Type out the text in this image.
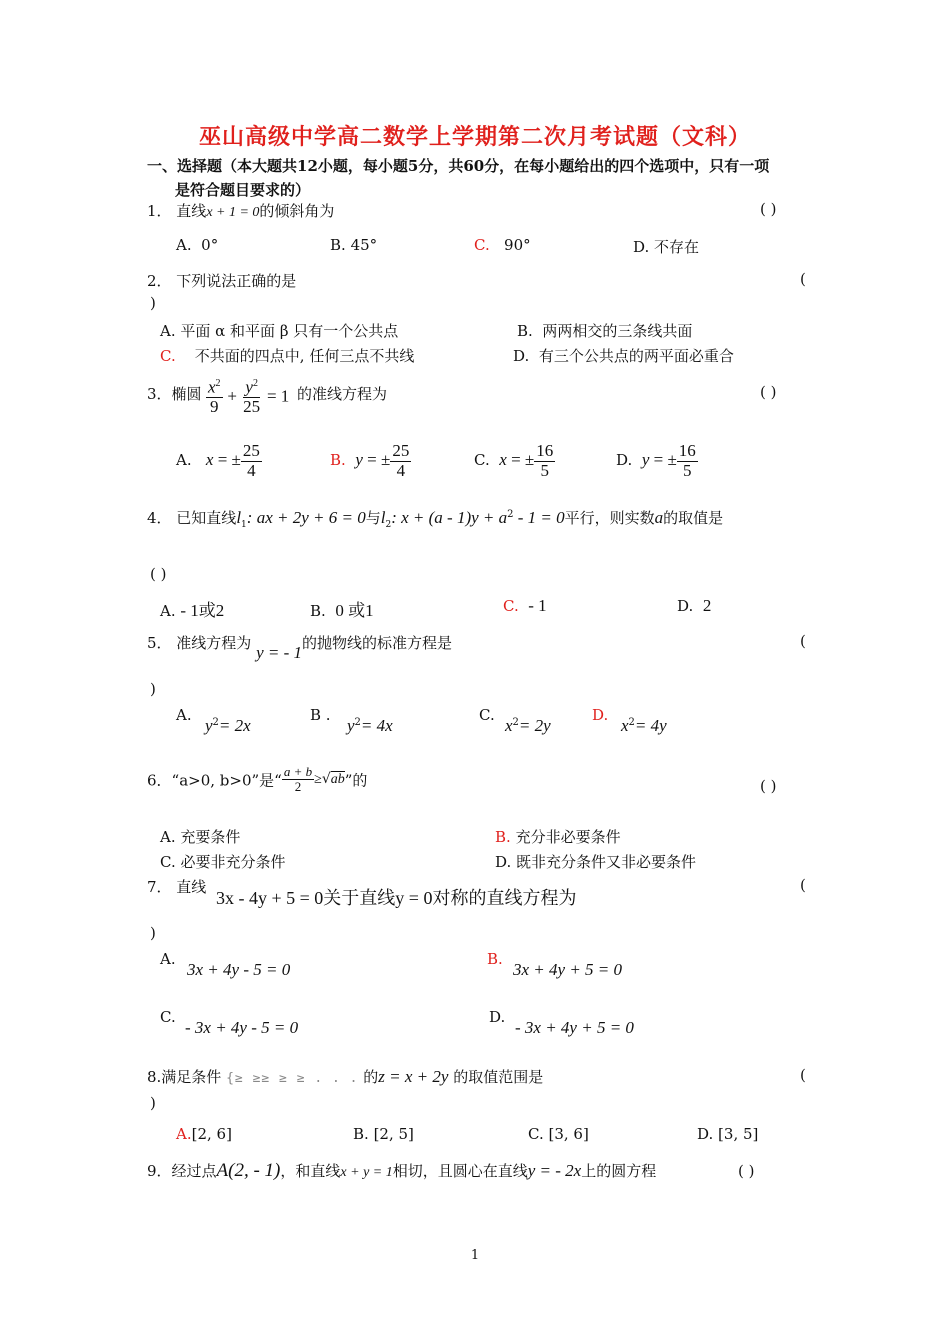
巫山高级中学高二数学上学期第二次月考试题（文科）
一、选择题（本大题共12小题，每小题5分，共60分，在每小题给出的四个选项中，只有一项
是符合题目要求的）
1． 直线x + 1 = 0的倾斜角为	( )
A. 0°	B. 45°	C. 90°	D. 不存在
2． 下列说法正确的是	(
)
A. 平面 α 和平面 β 只有一个公共点	B. 两两相交的三条线共面
C. 不共面的四点中, 任何三点不共线	D. 有三个公共点的两平面必重合
3．椭圆 $\frac{x^2}{9} + \frac{y^2}{25} = 1$ 的准线方程为	( )
A. x = ± $\frac{25}{4}$	B. y = ± $\frac{25}{4}$	C. x = ± $\frac{16}{5}$	D. y = ± $\frac{16}{5}$
4． 已知直线$l_1$: ax + 2y + 6 = 0与$l_2$: $x + (a - 1)y + a^2 - 1 = 0$平行，则实数a的取值是
( )
A. - 1或2	B. 0 或1	C. - 1	D. 2
5． 准线方程为 y = - 1的抛物线的标准方程是	(
)
A.
$y^2= 2x$
B .
$y^2= 4x$
C.
$x^2= 2y$
D.
$x^2= 4y$
6．“a>0, b>0”是“ $\frac{a + b}{2} \ge√ab$”的	( )
A. 充要条件	B. 充分非必要条件
C. 必要非充分条件	D. 既非充分条件又非必要条件
7． 直线
3x - 4y + 5 = 0关于直线y = 0对称的直线方程为
(
)
A.
3x + 4y - 5 = 0
B.
3x + 4y + 5 = 0
C.
- 3x + 4y - 5 = 0
D.
- 3x + 4y + 5 = 0
8.满足条件 {≥ ≥≥ ≥ ≥ . . . 的z = x + 2y 的取值范围是	(
)
A.[2, 6]	B. [2, 5]	C. [3, 6]	D. [3, 5]
9．经过点A(2, - 1)，和直线x + y = 1相切，且圆心在直线y = - 2x上的圆方程	( )
1
